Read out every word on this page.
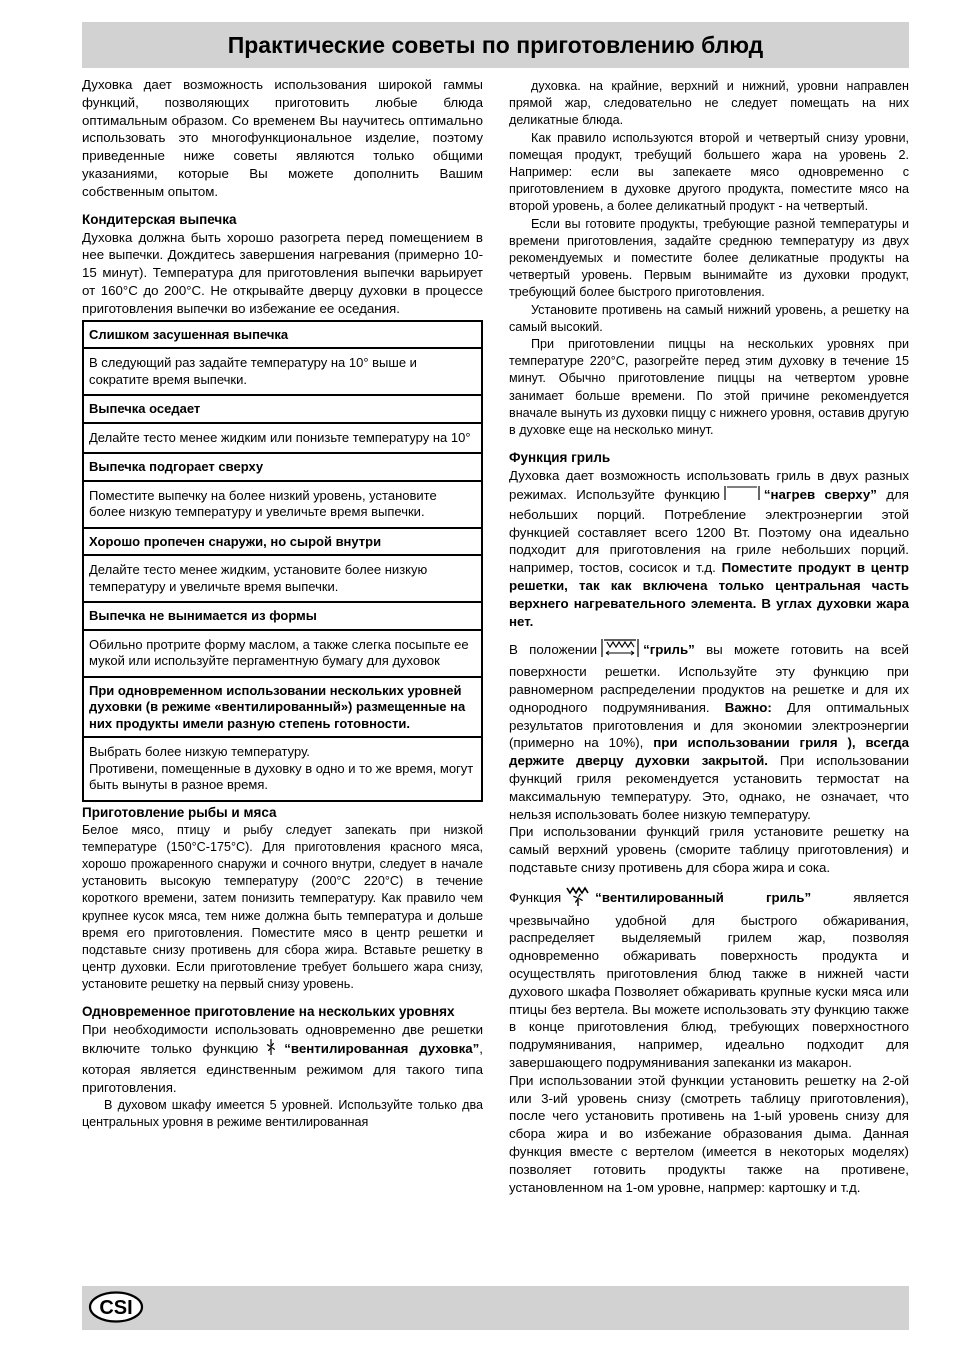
Практические советы по приготовлению блюд

Духовка дает возможность использования широкой гаммы функций, позволяющих приготовить любые блюда оптимальным образом. Со временем Вы научитесь оптимально использовать это многофункциональное изделие, поэтому приведенные ниже советы являются только общими указаниями, которые Вы можете дополнить Вашим собственным опытом.

Кондитерская выпечка

Духовка должна быть хорошо разогрета перед помещением в нее выпечки. Дождитесь завершения нагревания (примерно 10-15 минут). Температура для приготовления выпечки варьирует от 160°C до 200°C. Не открывайте дверцу духовки в процессе приготовления выпечки во избежание ее оседания.

Слишком засушенная выпечка
В следующий раз задайте температуру на 10° выше и сократите время выпечки.
Выпечка оседает
Делайте тесто менее жидким или понизьте температуру на 10°
Выпечка подгорает сверху
Поместите выпечку на более низкий уровень, установите более низкую температуру и увеличьте время выпечки.
Хорошо пропечен снаружи, но сырой внутри
Делайте тесто менее жидким, установите более низкую температуру и увеличьте время выпечки.
Выпечка не вынимается из формы
Обильно протрите форму маслом, а также слегка посыпьте ее мукой или используйте пергаментную бумагу для духовок
При одновременном использовании нескольких уровней духовки (в режиме «вентилированный») размещенные на них продукты имели разную степень готовности.
Выбрать более низкую температуру.
Противени, помещенные в духовку в одно и то же время, могут быть вынуты в разное время.
Приготовление рыбы и мяса

Белое мясо, птицу и рыбу следует запекать при низкой температуре (150°C-175°C). Для приготовления красного мяса, хорошо прожаренного снаружи и сочного внутри, следует в начале установить высокую температуру (200°C 220°C) в течение короткого времени, затем понизить температуру. Как правило чем крупнее кусок мяса, тем ниже должна быть температура и дольше время его приготовления. Поместите мясо в центр решетки и подставьте снизу противень для сбора жира. Вставьте решетку в центр духовки. Если приготовление требует большего жара снизу, установите решетку на первый снизу уровень.

Одновременное приготовление на нескольких уровнях

При необходимости использовать одновременно две решетки включите только функцию “вентилированная духовка”, которая является единственным режимом для такого типа приготовления.

В духовом шкафу имеется 5 уровней. Используйте только два центральных уровня в режиме вентилированная

духовка. на крайние, верхний и нижний, уровни направлен прямой жар, следовательно не следует помещать на них деликатные блюда.

Как правило используются второй и четвертый снизу уровни, помещая продукт, требущий большего жара на уровень 2. Например: если вы запекаете мясо одновременно с приготовлением в духовке другого продукта, поместите мясо на второй уровень, а более деликатный продукт - на четвертый.

Если вы готовите продукты, требующие разной температуры и времени приготовления, задайте среднюю температуру из двух рекомендуемых и поместите более деликатные продукты на четвертый уровень. Первым вынимайте из духовки продукт, требующий более быстрого приготовления.

Установите противень на самый нижний уровень, а решетку на самый высокий.

При приготовлении пиццы на нескольких уровнях при температуре 220°C, разогрейте перед этим духовку в течение 15 минут. Обычно приготовление пиццы на четвертом уровне занимает больше времени. По этой причине рекомендуется вначале вынуть из духовки пиццу с нижнего уровня, оставив другую в духовке еще на несколько минут.

Функция гриль

Духовка дает возможность использовать гриль в двух разных режимах. Используйте функцию	“нагрев сверху” для небольших порций. Потребление электроэнергии этой функцией составляет всего 1200 Вт. Поэтому она идеально подходит для приготовления на гриле небольших порций. например, тостов, сосисок и т.д. Поместите продукт в центр решетки, так как включена только центральная часть верхнего нагревательного элемента. В углах духовки жара нет.

В положении	“гриль” вы можете готовить на всей поверхности решетки. Используйте эту функцию при равномерном распределении продуктов на решетке и для их однородного подрумянивания. Важно: Для оптимальных результатов приготовления и для экономии электроэнергии (примерно на 10%), при использовании гриля ), всегда держите дверцу духовки закрытой. При использовании функций гриля рекомендуется установить термостат на максимальную температуру. Это, однако, не означает, что нельзя использовать более низкую температуру.

При использовании функций гриля установите решетку на самый верхний уровень (сморите таблицу приготовления) и подставьте снизу противень для сбора жира и сока.

Функция	“вентилированный гриль”	является чрезвычайно удобной для быстрого обжаривания, распределяет выделяемый грилем жар, позволяя одновременно обжаривать поверхность продукта и осуществлять приготовления блюд также в нижней части духового шкафа Позволяет обжаривать крупные куски мяса или птицы без вертела. Вы можете использовать эту функцию также в конце приготовления блюд, требующих поверхностного подрумянивания, например, идеально подходит для завершающего подрумянивания запеканки из макарон.

При использовании этой функции установить решетку на 2-ой или 3-ий уровень снизу (смотреть таблицу приготовления), после чего установить противень на 1-ый уровень снизу для сбора жира и во избежание образования дыма. Данная функция вместе с вертелом (имеется в некоторых моделях) позволяет готовить продукты также на противене, установленном на 1-ом уровне, напрмер: картошку и т.д.

CSI
